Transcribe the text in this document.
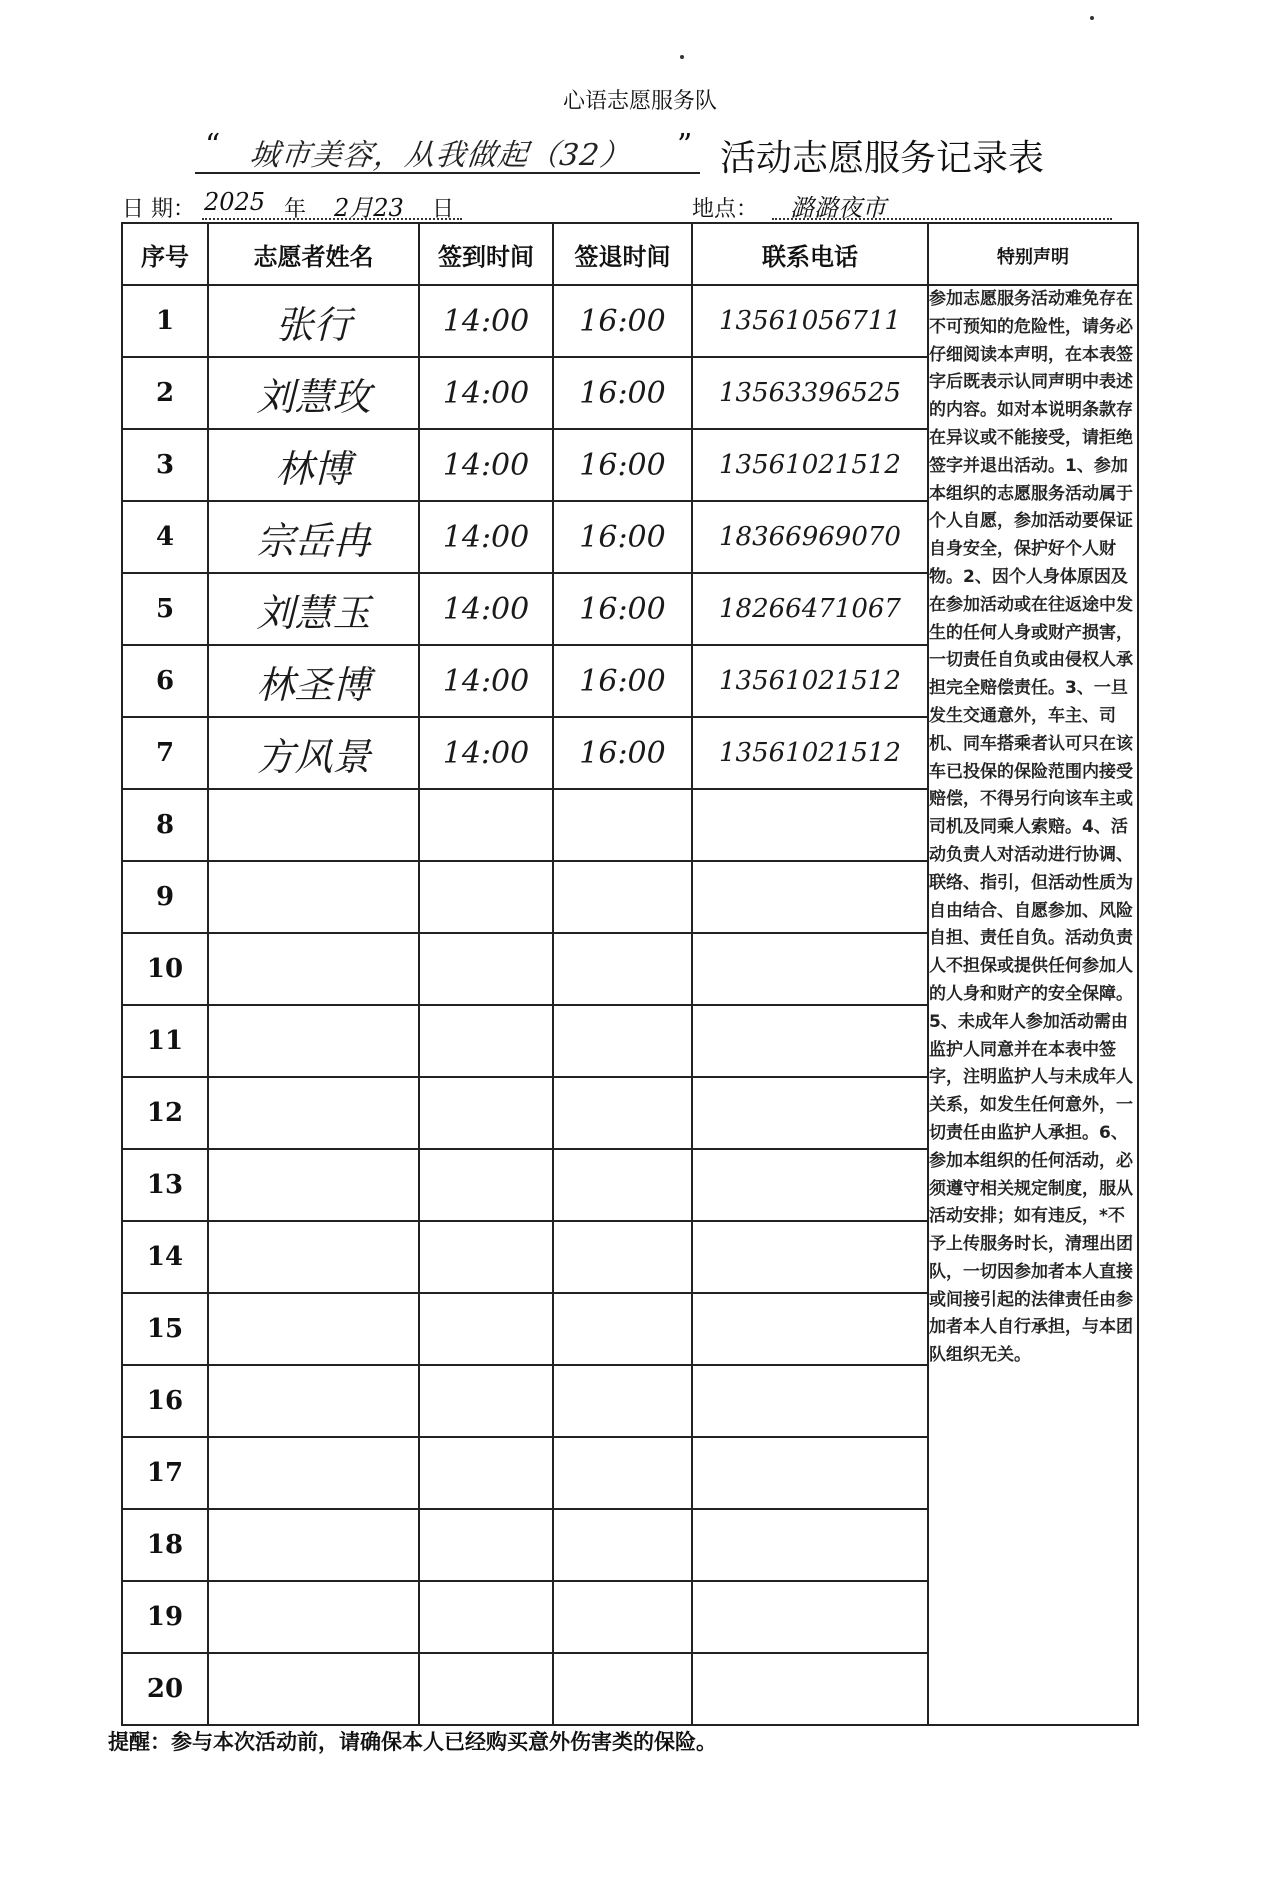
心语志愿服务队
“ 城市美容，从我做起（32） ” 活动志愿服务记录表
日 期： 2025 年 2月23 日	地点： 潞潞夜市
序号	志愿者姓名	签到时间	签退时间	联系电话	特别声明
1	张行	14:00	16:00	13561056711	参加志愿服务活动难免存在不可预知的危险性，请务必仔细阅读本声明，在本表签字后既表示认同声明中表述的内容。如对本说明条款存在异议或不能接受，请拒绝签字并退出活动。1、参加本组织的志愿服务活动属于个人自愿，参加活动要保证自身安全，保护好个人财物。2、因个人身体原因及在参加活动或在往返途中发生的任何人身或财产损害，一切责任自负或由侵权人承担完全赔偿责任。3、一旦发生交通意外，车主、司机、同车搭乘者认可只在该车已投保的保险范围内接受赔偿，不得另行向该车主或司机及同乘人索赔。4、活动负责人对活动进行协调、联络、指引，但活动性质为自由结合、自愿参加、风险自担、责任自负。活动负责人不担保或提供任何参加人的人身和财产的安全保障。5、未成年人参加活动需由监护人同意并在本表中签字，注明监护人与未成年人关系，如发生任何意外，一切责任由监护人承担。6、参加本组织的任何活动，必须遵守相关规定制度，服从活动安排；如有违反，*不予上传服务时长，清理出团队，一切因参加者本人直接或间接引起的法律责任由参加者本人自行承担，与本团队组织无关。
2	刘慧玫	14:00	16:00	13563396525	
3	林博	14:00	16:00	13561021512	
4	宗岳冉	14:00	16:00	18366969070	
5	刘慧玉	14:00	16:00	18266471067	
6	林圣博	14:00	16:00	13561021512	
7	方风景	14:00	16:00	13561021512	
8					
9					
10					
11					
12					
13					
14					
15					
16					
17					
18					
19					
20					
提醒：参与本次活动前，请确保本人已经购买意外伤害类的保险。
